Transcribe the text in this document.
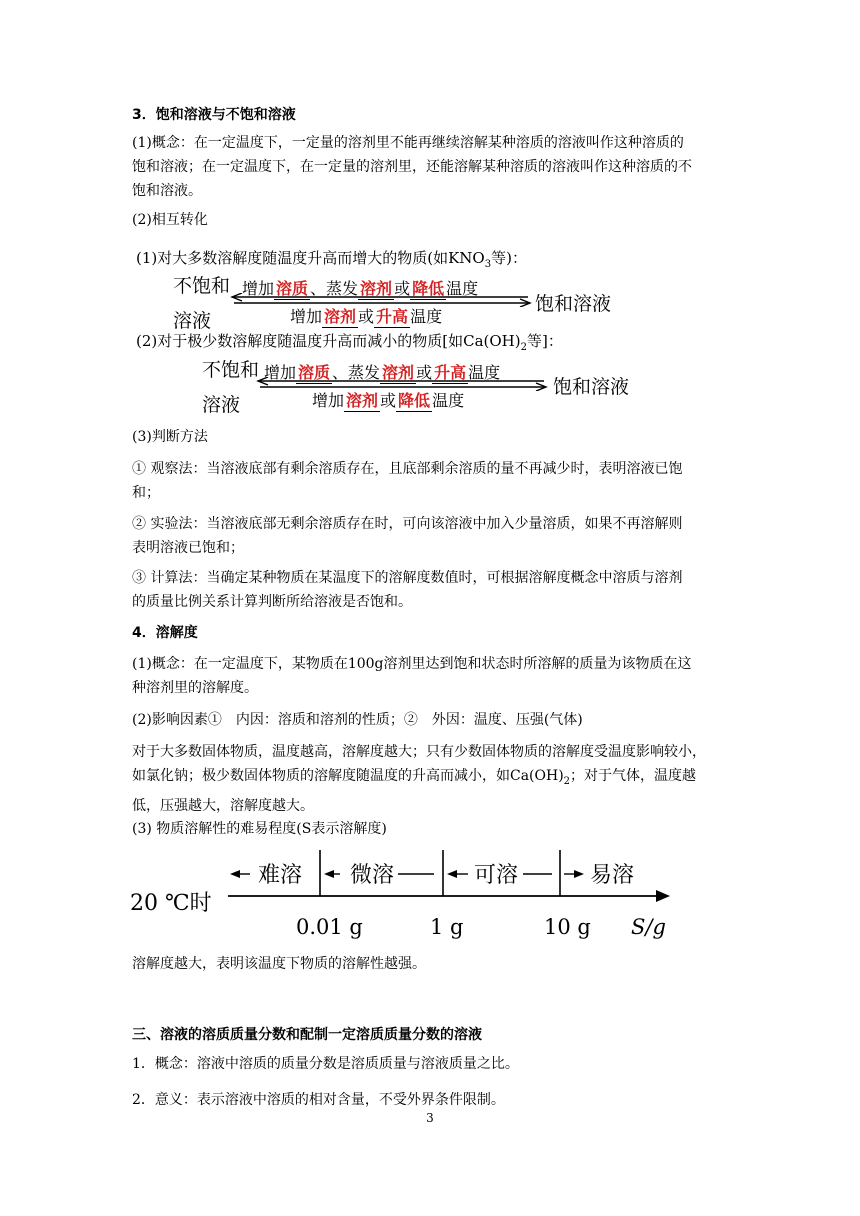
3．饱和溶液与不饱和溶液
(1)概念：在一定温度下，一定量的溶剂里不能再继续溶解某种溶质的溶液叫作这种溶质的
饱和溶液；在一定温度下，在一定量的溶剂里，还能溶解某种溶质的溶液叫作这种溶质的不
饱和溶液。
(2)相互转化
(1)对大多数溶解度随温度升高而增大的物质(如$KNO_3$等)：
不饱和
溶液
增加 溶质 、蒸发 溶剂 或 降低 温度
增加 溶剂 或 升高 温度
饱和溶液
(2)对于极少数溶解度随温度升高而减小的物质[如$Ca(OH)_2$等]：
不饱和
溶液
增加 溶质 、蒸发 溶剂 或 升高 温度
增加 溶剂 或 降低 温度
饱和溶液
(3)判断方法
① 观察法：当溶液底部有剩余溶质存在，且底部剩余溶质的量不再减少时，表明溶液已饱
和；
② 实验法：当溶液底部无剩余溶质存在时，可向该溶液中加入少量溶质，如果不再溶解则
表明溶液已饱和；
③ 计算法：当确定某种物质在某温度下的溶解度数值时，可根据溶解度概念中溶质与溶剂
的质量比例关系计算判断所给溶液是否饱和。
4．溶解度
(1)概念：在一定温度下，某物质在100g溶剂里达到饱和状态时所溶解的质量为该物质在这
种溶剂里的溶解度。
(2)影响因素①　内因：溶质和溶剂的性质；②　外因：温度、压强(气体)
对于大多数固体物质，温度越高，溶解度越大；只有少数固体物质的溶解度受温度影响较小，
如氯化钠；极少数固体物质的溶解度随温度的升高而减小，如$Ca(OH)_2$；对于气体，温度越
低，压强越大，溶解度越大。
(3) 物质溶解性的难易程度(S表示溶解度)
20 ℃时
难溶 微溶	可溶	易溶
0.01 g	1 g	10 g S/g
溶解度越大，表明该温度下物质的溶解性越强。
三、溶液的溶质质量分数和配制一定溶质质量分数的溶液
1．概念：溶液中溶质的质量分数是溶质质量与溶液质量之比。
2．意义：表示溶液中溶质的相对含量，不受外界条件限制。
3
